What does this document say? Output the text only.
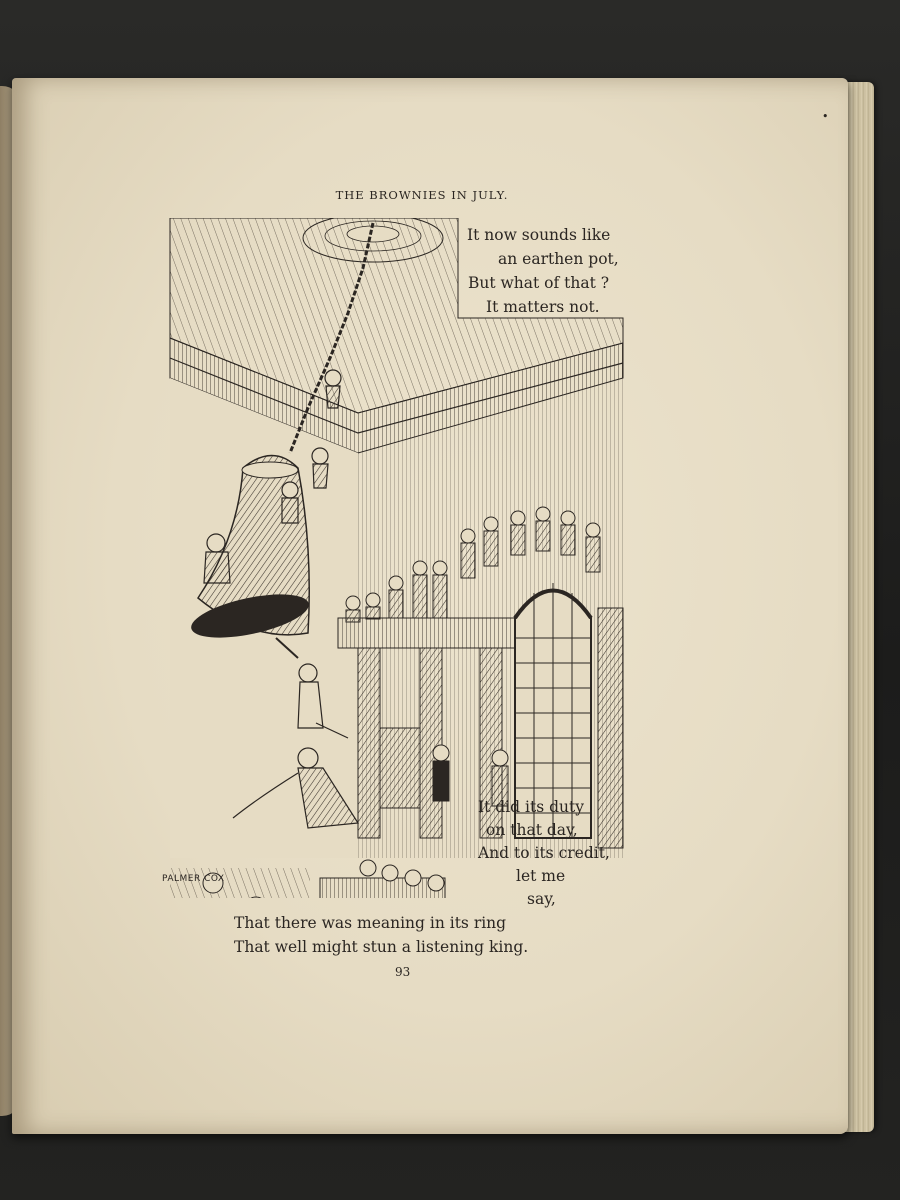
•
THE BROWNIES IN JULY.
PALMER COX
It now sounds like
an earthen pot,
But what of that ?
It matters not.
It did its duty
on that day,
And to its credit,
let me
say,
That there was meaning in its ring
That well might stun a listening king.
93
